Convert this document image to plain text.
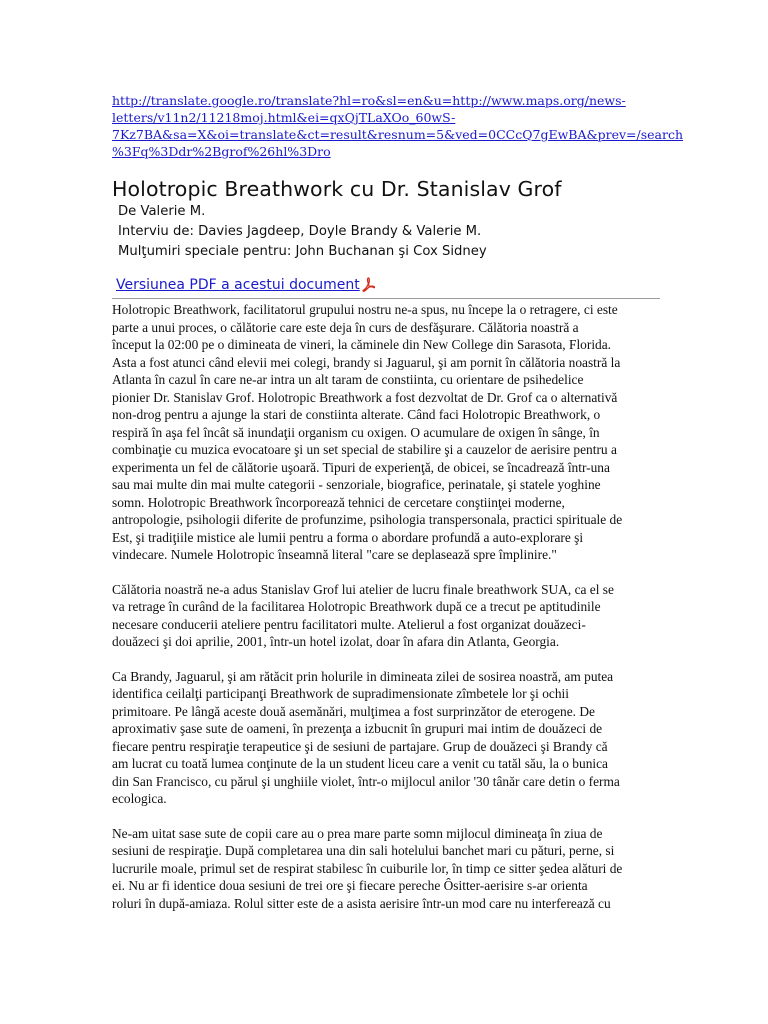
http://translate.google.ro/translate?hl=ro&sl=en&u=http://www.maps.org/news-
letters/v11n2/11218moj.html&ei=qxQjTLaXOo_60wS-
7Kz7BA&sa=X&oi=translate&ct=result&resnum=5&ved=0CCcQ7gEwBA&prev=/search
%3Fq%3Ddr%2Bgrof%26hl%3Dro
Holotropic Breathwork cu Dr. Stanislav Grof
De Valerie M.
Interviu de: Davies Jagdeep, Doyle Brandy & Valerie M.
Mulţumiri speciale pentru: John Buchanan şi Cox Sidney
Versiunea PDF a acestui document
Holotropic Breathwork, facilitatorul grupului nostru ne-a spus, nu începe la o retragere, ci este
parte a unui proces, o călătorie care este deja în curs de desfăşurare. Călătoria noastră a
început la 02:00 pe o dimineata de vineri, la căminele din New College din Sarasota, Florida.
Asta a fost atunci când elevii mei colegi, brandy si Jaguarul, şi am pornit în călătoria noastră la
Atlanta în cazul în care ne-ar intra un alt taram de constiinta, cu orientare de psihedelice
pionier Dr. Stanislav Grof. Holotropic Breathwork a fost dezvoltat de Dr. Grof ca o alternativă
non-drog pentru a ajunge la stari de constiinta alterate. Când faci Holotropic Breathwork, o
respiră în aşa fel încât să inundaţii organism cu oxigen. O acumulare de oxigen în sânge, în
combinaţie cu muzica evocatoare şi un set special de stabilire şi a cauzelor de aerisire pentru a
experimenta un fel de călătorie uşoară. Tipuri de experienţă, de obicei, se încadrează într-una
sau mai multe din mai multe categorii - senzoriale, biografice, perinatale, şi statele yoghine
somn. Holotropic Breathwork încorporează tehnici de cercetare conştiinţei moderne,
antropologie, psihologii diferite de profunzime, psihologia transpersonala, practici spirituale de
Est, şi tradiţiile mistice ale lumii pentru a forma o abordare profundă a auto-explorare şi
vindecare. Numele Holotropic înseamnă literal "care se deplasează spre împlinire."
Călătoria noastră ne-a adus Stanislav Grof lui atelier de lucru finale breathwork SUA, ca el se
va retrage în curând de la facilitarea Holotropic Breathwork după ce a trecut pe aptitudinile
necesare conducerii ateliere pentru facilitatori multe. Atelierul a fost organizat douăzeci-
douăzeci şi doi aprilie, 2001, într-un hotel izolat, doar în afara din Atlanta, Georgia.
Ca Brandy, Jaguarul, şi am rătăcit prin holurile in dimineata zilei de sosirea noastră, am putea
identifica ceilalţi participanţi Breathwork de supradimensionate zîmbetele lor şi ochii
primitoare. Pe lângă aceste două asemănări, mulţimea a fost surprinzător de eterogene. De
aproximativ şase sute de oameni, în prezenţa a izbucnit în grupuri mai intim de douăzeci de
fiecare pentru respiraţie terapeutice şi de sesiuni de partajare. Grup de douăzeci şi Brandy că
am lucrat cu toată lumea conţinute de la un student liceu care a venit cu tatăl său, la o bunica
din San Francisco, cu părul şi unghiile violet, într-o mijlocul anilor '30 tânăr care detin o ferma
ecologica.
Ne-am uitat sase sute de copii care au o prea mare parte somn mijlocul dimineaţa în ziua de
sesiuni de respiraţie. După completarea una din sali hotelului banchet mari cu pături, perne, si
lucrurile moale, primul set de respirat stabilesc în cuiburile lor, în timp ce sitter şedea alături de
ei. Nu ar fi identice doua sesiuni de trei ore şi fiecare pereche Ôsitter-aerisire s-ar orienta
roluri în după-amiaza. Rolul sitter este de a asista aerisire într-un mod care nu interferează cu
